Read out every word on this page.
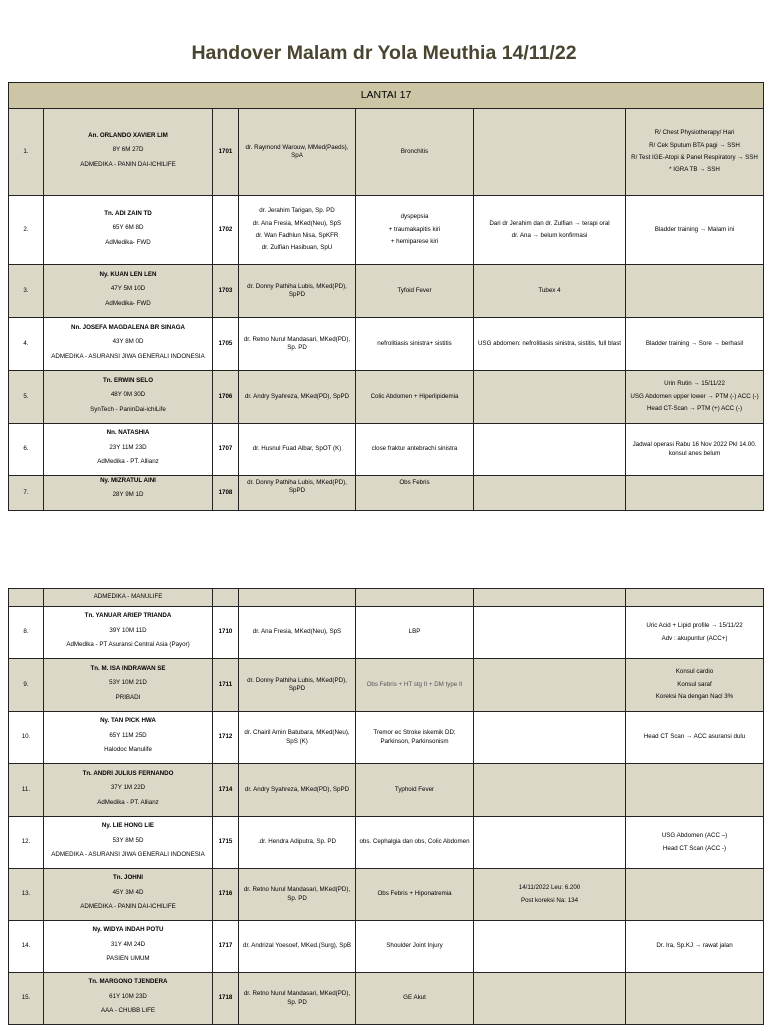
Handover Malam dr Yola Meuthia 14/11/22
LANTAI 17						
1.	An. ORLANDO XAVIER LIM
8Y 6M 27D
ADMEDIKA - PANIN DAI-ICHILIFE	1701	dr. Raymond Warouw, MMed(Paeds), SpA	Bronchitis		R/ Chest Physiotherapy/ Hari
R/ Cek Sputum BTA pagi → SSH
R/ Test IGE-Atopi & Panel Respiratory → SSH
* IGRA TB → SSH

2.	Tn. ADI ZAIN TD
65Y 6M 8D
AdMedika- FWD	1702	dr. Jerahim Tarigan, Sp. PD
dr. Ana Fresia, MKed(Neu), SpS
dr. Wan Fadhlun Nisa, SpKFR
dr. Zulfian Hasibuan, SpU	dyspepsia
+ traumakapitis kiri
+ hemiparese kiri	Dari dr Jerahim dan dr. Zulfian → terapi oral
dr. Ana → belum konfirmasi	Bladder training → Malam ini

3.	Ny. KUAN LEN LEN
47Y 5M 10D
AdMedika- FWD	1703	dr. Donny Pathiha Lubis, MKed(PD), SpPD	Tyfoid Fever	Tubex 4	

4.	Nn. JOSEFA MAGDALENA BR SINAGA
43Y 8M 0D
ADMEDIKA - ASURANSI JIWA GENERALI INDONESIA	1705	dr. Retno Nurul Mandasari, MKed(PD), Sp. PD	nefrolitiasis sinistra+ sistitis	USG abdomen: nefrolitiasis sinistra, sistitis, full blast	Bladder training → Sore → berhasil

5.	Tn. ERWIN SELO
48Y 0M 30D
SynTech - PaninDai-ichiLife	1706	dr. Andry Syahreza, MKed(PD), SpPD	Colic Abdomen + Hiperlipidemia		Urin Rutin → 15/11/22
USG Abdomen upper lower → PTM (-) ACC (-)
Head CT-Scan → PTM (+) ACC (-)

6.	Nn. NATASHIA
23Y 11M 23D
AdMedika - PT. Allianz	1707	dr. Husnul Fuad Albar, SpOT (K)	close fraktur antebrachi sinistra		Jadwal operasi Rabu 16 Nov 2022 Pkl 14.00. konsul anes belum

7.	Ny. MIZRATUL AINI
28Y 9M 1D	1708	dr. Donny Pathiha Lubis, MKed(PD), SpPD	Obs Febris		

	ADMEDIKA - MANULIFE					
8.	Tn. YANUAR ARIEP TRIANDA
39Y 10M 11D
AdMedika - PT Asuransi Central Asia (Payor)	1710	dr. Ana Fresia, MKed(Neu), SpS	LBP		Uric Acid + Lipid profile → 15/11/22
Adv : akupuntur (ACC+)

9.	Tn. M. ISA INDRAWAN SE
53Y 10M 21D
PRIBADI	1711	dr. Donny Pathiha Lubis, MKed(PD), SpPD	Obs Febris + HT stg II + DM type II		Konsul cardio
Konsul saraf
Koreksi Na dengan Nacl 3%

10.	Ny. TAN PICK HWA
65Y 11M 25D
Halodoc Manulife	1712	dr. Chairil Amin Batubara, MKed(Neu), SpS (K)	Tremor ec Stroke iskemik DD: Parkinson, Parkinsonism		Head CT Scan → ACC asuransi dulu

11.	Tn. ANDRI JULIUS FERNANDO
37Y 1M 22D
AdMedika - PT. Allianz	1714	dr. Andry Syahreza, MKed(PD), SpPD	Typhoid Fever		

12.	Ny. LIE HONG LIE
53Y 8M 5D
ADMEDIKA - ASURANSI JIWA GENERALI INDONESIA	1715	.dr. Hendra Adiputra, Sp. PD	obs. Cephalgia dan obs, Colic Abdomen		USG Abdomen (ACC –)
Head CT Scan (ACC -)

13.	Tn. JOHNI
45Y 3M 4D
ADMEDIKA - PANIN DAI-ICHILIFE	1716	dr. Retno Nurul Mandasari, MKed(PD), Sp. PD	Obs Febris + Hiponatremia	14/11/2022 Leu: 6.200
Post koreksi Na: 134	

14.	Ny. WIDYA INDAH POTU
31Y 4M 24D
PASIEN UMUM	1717	dr. Andrizal Yoesoef, MKed.(Surg), SpB	Shoulder Joint Injury		Dr. Ira, Sp.KJ → rawat jalan

15.	Tn. MARGONO TJENDERA
61Y 10M 23D
AAA - CHUBB LIFE	1718	dr. Retno Nurul Mandasari, MKed(PD), Sp. PD	GE Akut		
